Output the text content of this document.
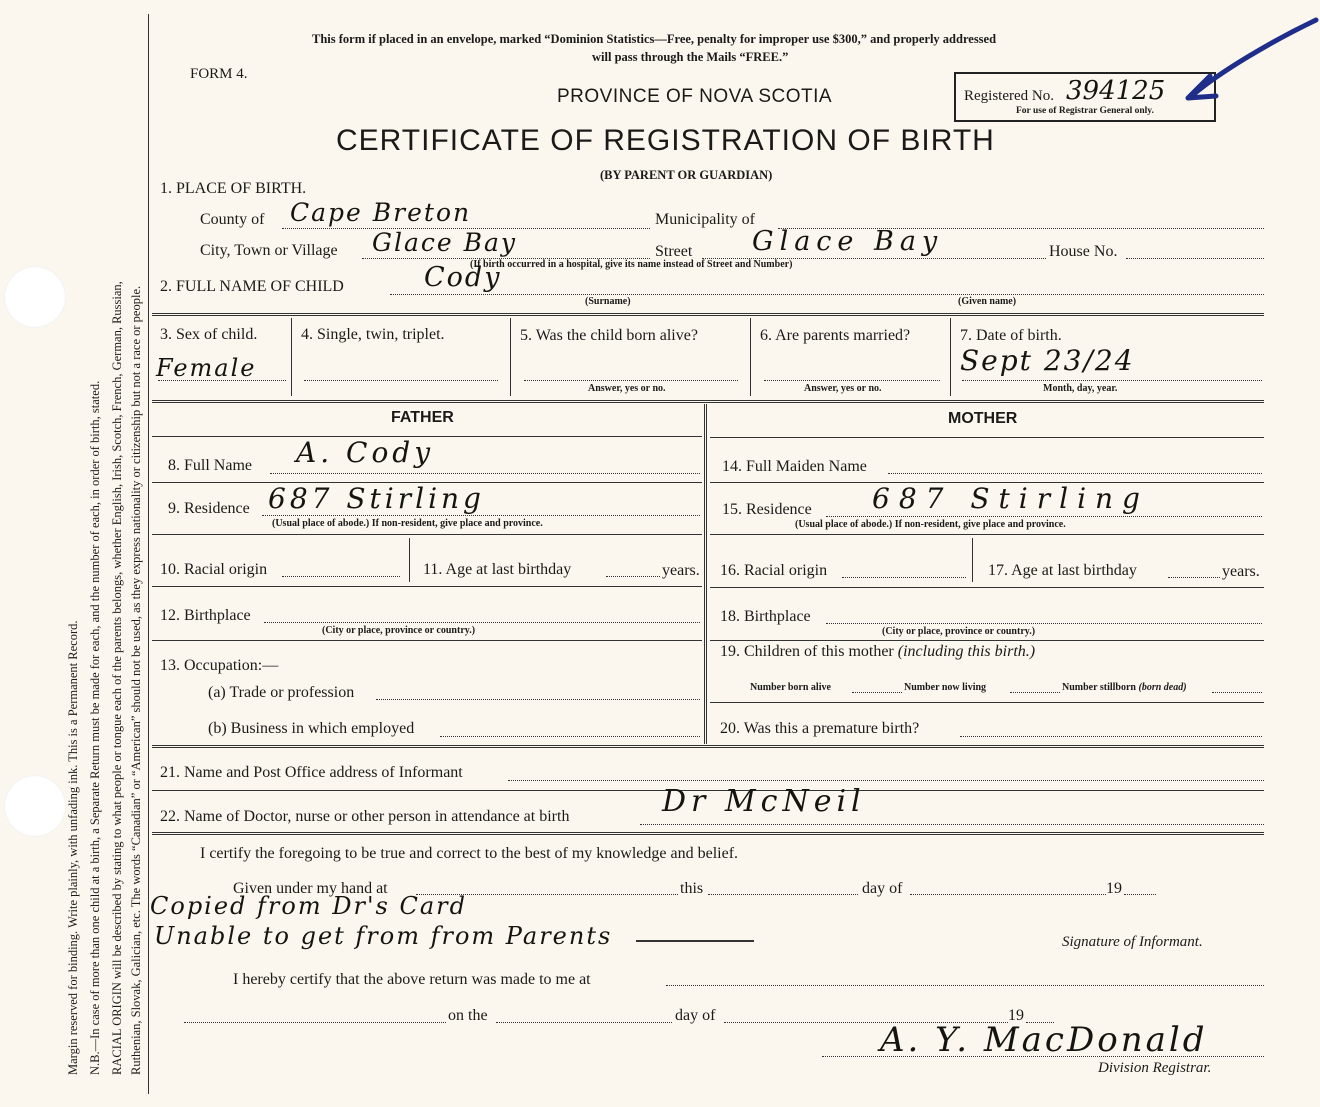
Margin reserved for binding. Write plainly, with unfading ink. This is a Permanent Record. N.B.—In case of more than one child at a birth, a Separate Return must be made for each, and the number of each, in order of birth, stated. RACIAL ORIGIN will be described by stating to what people or tongue each of the parents belongs, whether English, Irish, Scotch, French, German, Russian, Ruthenian, Slovak, Galician, etc. The words “Canadian” or “American” should not be used, as they express nationality or citizenship but not a race or people.
This form if placed in an envelope, marked “Dominion Statistics—Free, penalty for improper use $300,” and properly addressed
will pass through the Mails “FREE.”
FORM 4.
PROVINCE OF NOVA SCOTIA
CERTIFICATE OF REGISTRATION OF BIRTH
(BY PARENT OR GUARDIAN)
Registered No. 394125
For use of Registrar General only.
1. PLACE OF BIRTH.
County of Cape Breton	Municipality of
City, Town or Village Glace Bay	Street Glace Bay	House No.
(If birth occurred in a hospital, give its name instead of Street and Number)
2. FULL NAME OF CHILD	Cody
(Surname)	(Given name)
3. Sex of child.
Female
4. Single, twin, triplet.	5. Was the child born alive?
Answer, yes or no.
6. Are parents married?
Answer, yes or no.
7. Date of birth.
Sept 23/24
Month, day, year.
FATHER	MOTHER
8. Full Name A. Cody	14. Full Maiden Name
9. Residence 687 Stirling
(Usual place of abode.) If non-resident, give place and province.
15. Residence 687 Stirling
(Usual place of abode.) If non-resident, give place and province.
10. Racial origin	11. Age at last birthday	years. 16. Racial origin	17. Age at last birthday	years.
12. Birthplace
(City or place, province or country.)
18. Birthplace
(City or place, province or country.)
13. Occupation:—
(a) Trade or profession
(b) Business in which employed
19. Children of this mother (including this birth.)
Number born alive	Number now living	Number stillborn (born dead)
20. Was this a premature birth?
21. Name and Post Office address of Informant
22. Name of Doctor, nurse or other person in attendance at birth	Dr McNeil
I certify the foregoing to be true and correct to the best of my knowledge and belief.
Given under my hand at	this	day of	19
Copied from Dr's Card
Unable to get from from Parents	Signature of Informant.
I hereby certify that the above return was made to me at
on the	day of	19
A. Y. MacDonald
Division Registrar.
